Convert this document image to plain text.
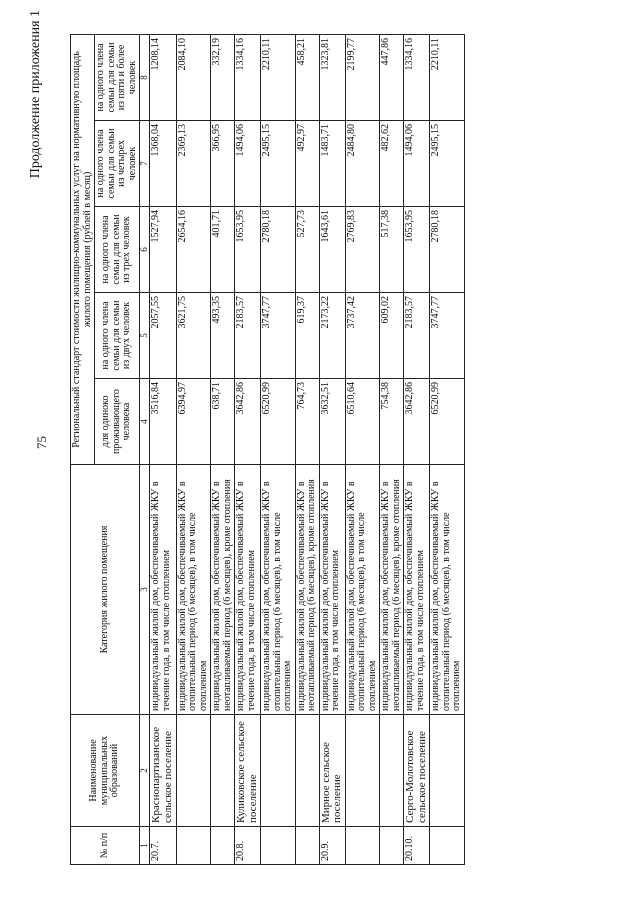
75
Продолжение приложения 1
№ п/п	Наименование муниципальных образований	Категория жилого помещения	Региональный стандарт стоимости жилищно-коммунальных услуг на нормативную площадь жилого помещения (рублей в месяц)				
			для одиноко проживающего человека	на одного члена семьи для семьи из двух человек	на одного члена семьи для семьи из трех человек	на одного члена семьи для семьи из четырех человек	на одного члена семьи для семьи из пяти и более человек
1	2	3	4	5	6	7	8
20.7.	Краснопартизанское сельское поселение	индивидуальный жилой дом, обеспечиваемый ЖКУ в течение года, в том числе отоплением	3516,84	2057,55	1527,94	1368,04	1208,14
		индивидуальный жилой дом, обеспечиваемый ЖКУ в отопительный период (6 месяцев), в том числе отоплением	6394,97	3621,75	2654,16	2369,13	2084,10
		индивидуальный жилой дом, обеспечиваемый ЖКУ в неотапливаемый период (6 месяцев), кроме отопления	638,71	493,35	401,71	366,95	332,19
20.8.	Куликовское сельское поселение	индивидуальный жилой дом, обеспечиваемый ЖКУ в течение года, в том числе отоплением	3642,86	2183,57	1653,95	1494,06	1334,16
		индивидуальный жилой дом, обеспечиваемый ЖКУ в отопительный период (6 месяцев), в том числе отоплением	6520,99	3747,77	2780,18	2495,15	2210,11
		индивидуальный жилой дом, обеспечиваемый ЖКУ в неотапливаемый период (6 месяцев), кроме отопления	764,73	619,37	527,73	492,97	458,21
20.9.	Мирное сельское поселение	индивидуальный жилой дом, обеспечиваемый ЖКУ в течение года, в том числе отоплением	3632,51	2173,22	1643,61	1483,71	1323,81
		индивидуальный жилой дом, обеспечиваемый ЖКУ в отопительный период (6 месяцев), в том числе отоплением	6510,64	3737,42	2769,83	2484,80	2199,77
		индивидуальный жилой дом, обеспечиваемый ЖКУ в неотапливаемый период (6 месяцев), кроме отопления	754,38	609,02	517,38	482,62	447,86
20.10.	Серго-Молотовское сельское поселение	индивидуальный жилой дом, обеспечиваемый ЖКУ в течение года, в том числе отоплением	3642,86	2183,57	1653,95	1494,06	1334,16
		индивидуальный жилой дом, обеспечиваемый ЖКУ в отопительный период (6 месяцев), в том числе отоплением	6520,99	3747,77	2780,18	2495,15	2210,11
